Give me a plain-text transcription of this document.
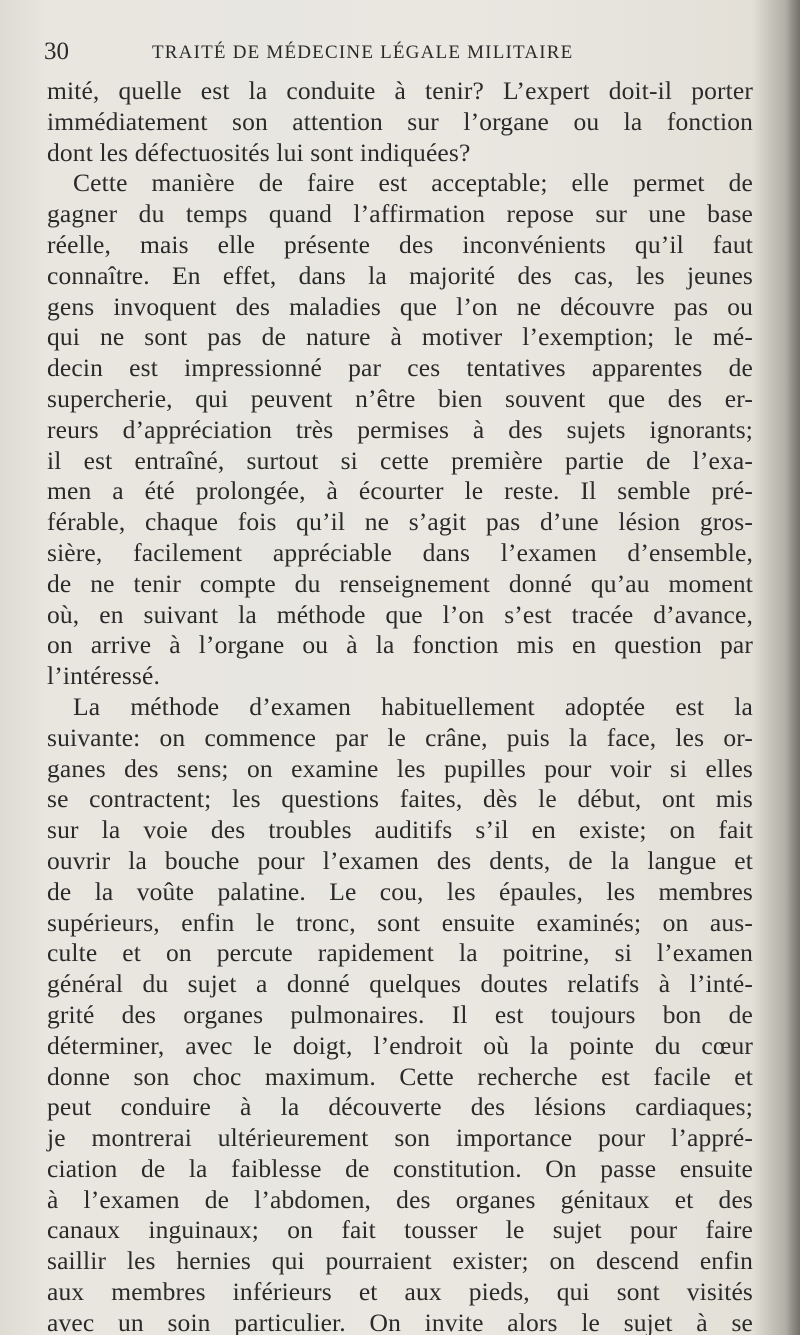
30	TRAITÉ DE MÉDECINE LÉGALE MILITAIRE
mité, quelle est la conduite à tenir? L’expert doit-il porter
immédiatement son attention sur l’organe ou la fonction
dont les défectuosités lui sont indiquées?
Cette manière de faire est acceptable; elle permet de
gagner du temps quand l’affirmation repose sur une base
réelle, mais elle présente des inconvénients qu’il faut
connaître. En effet, dans la majorité des cas, les jeunes
gens invoquent des maladies que l’on ne découvre pas ou
qui ne sont pas de nature à motiver l’exemption; le mé-
decin est impressionné par ces tentatives apparentes de
supercherie, qui peuvent n’être bien souvent que des er-
reurs d’appréciation très permises à des sujets ignorants;
il est entraîné, surtout si cette première partie de l’exa-
men a été prolongée, à écourter le reste. Il semble pré-
férable, chaque fois qu’il ne s’agit pas d’une lésion gros-
sière, facilement appréciable dans l’examen d’ensemble,
de ne tenir compte du renseignement donné qu’au moment
où, en suivant la méthode que l’on s’est tracée d’avance,
on arrive à l’organe ou à la fonction mis en question par
l’intéressé.
La méthode d’examen habituellement adoptée est la
suivante: on commence par le crâne, puis la face, les or-
ganes des sens; on examine les pupilles pour voir si elles
se contractent; les questions faites, dès le début, ont mis
sur la voie des troubles auditifs s’il en existe; on fait
ouvrir la bouche pour l’examen des dents, de la langue et
de la voûte palatine. Le cou, les épaules, les membres
supérieurs, enfin le tronc, sont ensuite examinés; on aus-
culte et on percute rapidement la poitrine, si l’examen
général du sujet a donné quelques doutes relatifs à l’inté-
grité des organes pulmonaires. Il est toujours bon de
déterminer, avec le doigt, l’endroit où la pointe du cœur
donne son choc maximum. Cette recherche est facile et
peut conduire à la découverte des lésions cardiaques;
je montrerai ultérieurement son importance pour l’appré-
ciation de la faiblesse de constitution. On passe ensuite
à l’examen de l’abdomen, des organes génitaux et des
canaux inguinaux; on fait tousser le sujet pour faire
saillir les hernies qui pourraient exister; on descend enfin
aux membres inférieurs et aux pieds, qui sont visités
avec un soin particulier. On invite alors le sujet à se
